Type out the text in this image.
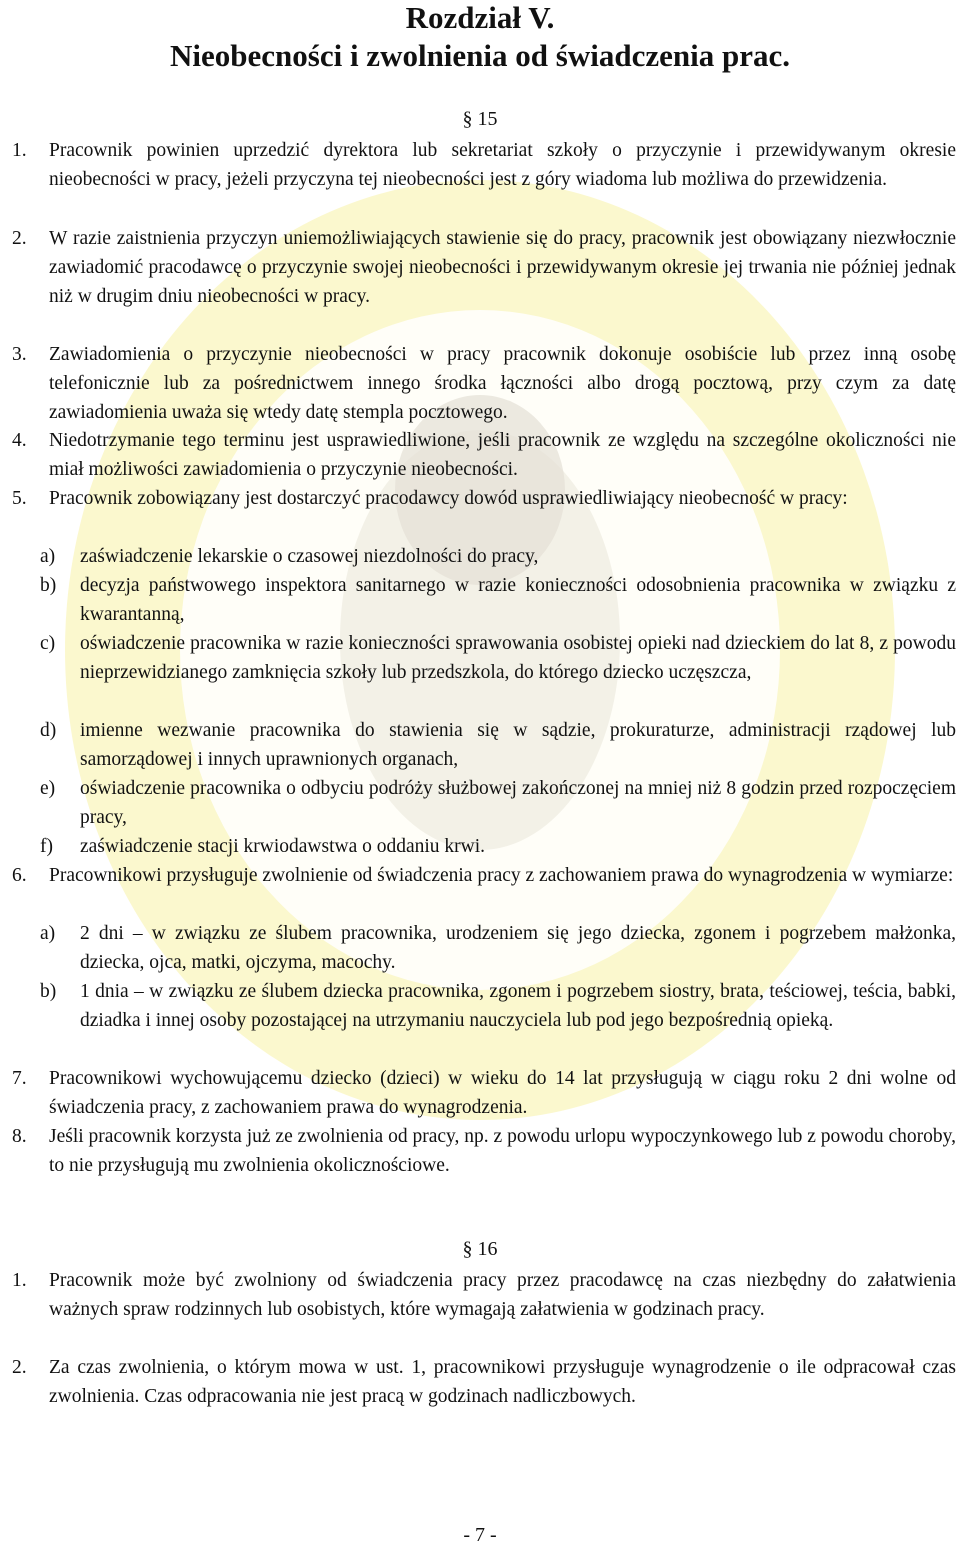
Rozdział V.
Nieobecności i zwolnienia od świadczenia prac.
§ 15
1. Pracownik powinien uprzedzić dyrektora lub sekretariat szkoły o przyczynie i przewidywanym okresie nieobecności w pracy, jeżeli przyczyna tej nieobecności jest z góry wiadoma lub możliwa do przewidzenia.
2. W razie zaistnienia przyczyn uniemożliwiających stawienie się do pracy, pracownik jest obowiązany niezwłocznie zawiadomić pracodawcę o przyczynie swojej nieobecności i przewidywanym okresie jej trwania nie później jednak niż w drugim dniu nieobecności w pracy.
3. Zawiadomienia o przyczynie nieobecności w pracy pracownik dokonuje osobiście lub przez inną osobę telefonicznie lub za pośrednictwem innego środka łączności albo drogą pocztową, przy czym za datę zawiadomienia uważa się wtedy datę stempla pocztowego.
4. Niedotrzymanie tego terminu jest usprawiedliwione, jeśli pracownik ze względu na szczególne okoliczności nie miał możliwości zawiadomienia o przyczynie nieobecności.
5. Pracownik zobowiązany jest dostarczyć pracodawcy dowód usprawiedliwiający nieobecność w pracy:
a) zaświadczenie lekarskie o czasowej niezdolności do pracy,
b) decyzja państwowego inspektora sanitarnego w razie konieczności odosobnienia pracownika w związku z kwarantanną,
c) oświadczenie pracownika w razie konieczności sprawowania osobistej opieki nad dzieckiem do lat 8, z powodu nieprzewidzianego zamknięcia szkoły lub przedszkola, do którego dziecko uczęszcza,
d) imienne wezwanie pracownika do stawienia się w sądzie, prokuraturze, administracji rządowej lub samorządowej i innych uprawnionych organach,
e) oświadczenie pracownika o odbyciu podróży służbowej zakończonej na mniej niż 8 godzin przed rozpoczęciem pracy,
f) zaświadczenie stacji krwiodawstwa o oddaniu krwi.
6. Pracownikowi przysługuje zwolnienie od świadczenia pracy z zachowaniem prawa do wynagrodzenia w wymiarze:
a) 2 dni – w związku ze ślubem pracownika, urodzeniem się jego dziecka, zgonem i pogrzebem małżonka, dziecka, ojca, matki, ojczyma, macochy.
b) 1 dnia – w związku ze ślubem dziecka pracownika, zgonem i pogrzebem siostry, brata, teściowej, teścia, babki, dziadka i innej osoby pozostającej na utrzymaniu nauczyciela lub pod jego bezpośrednią opieką.
7. Pracownikowi wychowującemu dziecko (dzieci) w wieku do 14 lat przysługują w ciągu roku 2 dni wolne od świadczenia pracy, z zachowaniem prawa do wynagrodzenia.
8. Jeśli pracownik korzysta już ze zwolnienia od pracy, np. z powodu urlopu wypoczynkowego lub z powodu choroby, to nie przysługują mu zwolnienia okolicznościowe.
§ 16
1. Pracownik może być zwolniony od świadczenia pracy przez pracodawcę na czas niezbędny do załatwienia ważnych spraw rodzinnych lub osobistych, które wymagają załatwienia w godzinach pracy.
2. Za czas zwolnienia, o którym mowa w ust. 1, pracownikowi przysługuje wynagrodzenie o ile odpracował czas zwolnienia. Czas odpracowania nie jest pracą w godzinach nadliczbowych.
- 7 -
